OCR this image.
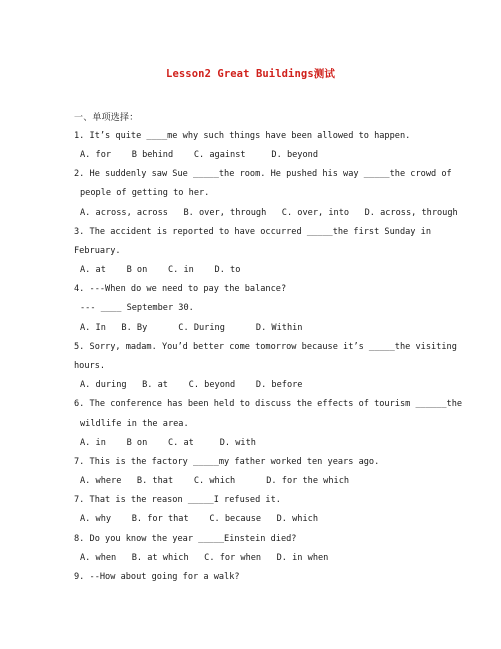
Lesson2 Great Buildings测试
一、单项选择：
1. It’s quite ____me why such things have been allowed to happen.
A. for    B behind    C. against     D. beyond
2. He suddenly saw Sue _____the room. He pushed his way _____the crowd of
people of getting to her.
A. across, across   B. over, through   C. over, into   D. across, through
3. The accident is reported to have occurred _____the first Sunday in
February.
A. at    B on    C. in    D. to
4. ---When do we need to pay the balance?
--- ____ September 30.
A. In   B. By      C. During      D. Within
5. Sorry, madam. You’d better come tomorrow because it’s _____the visiting
hours.
A. during   B. at    C. beyond    D. before
6. The conference has been held to discuss the effects of tourism ______the
wildlife in the area.
A. in    B on    C. at     D. with
7. This is the factory _____my father worked ten years ago.
A. where   B. that    C. which      D. for the which
7. That is the reason _____I refused it.
A. why    B. for that    C. because   D. which
8. Do you know the year _____Einstein died?
A. when   B. at which   C. for when   D. in when
9. --How about going for a walk?
